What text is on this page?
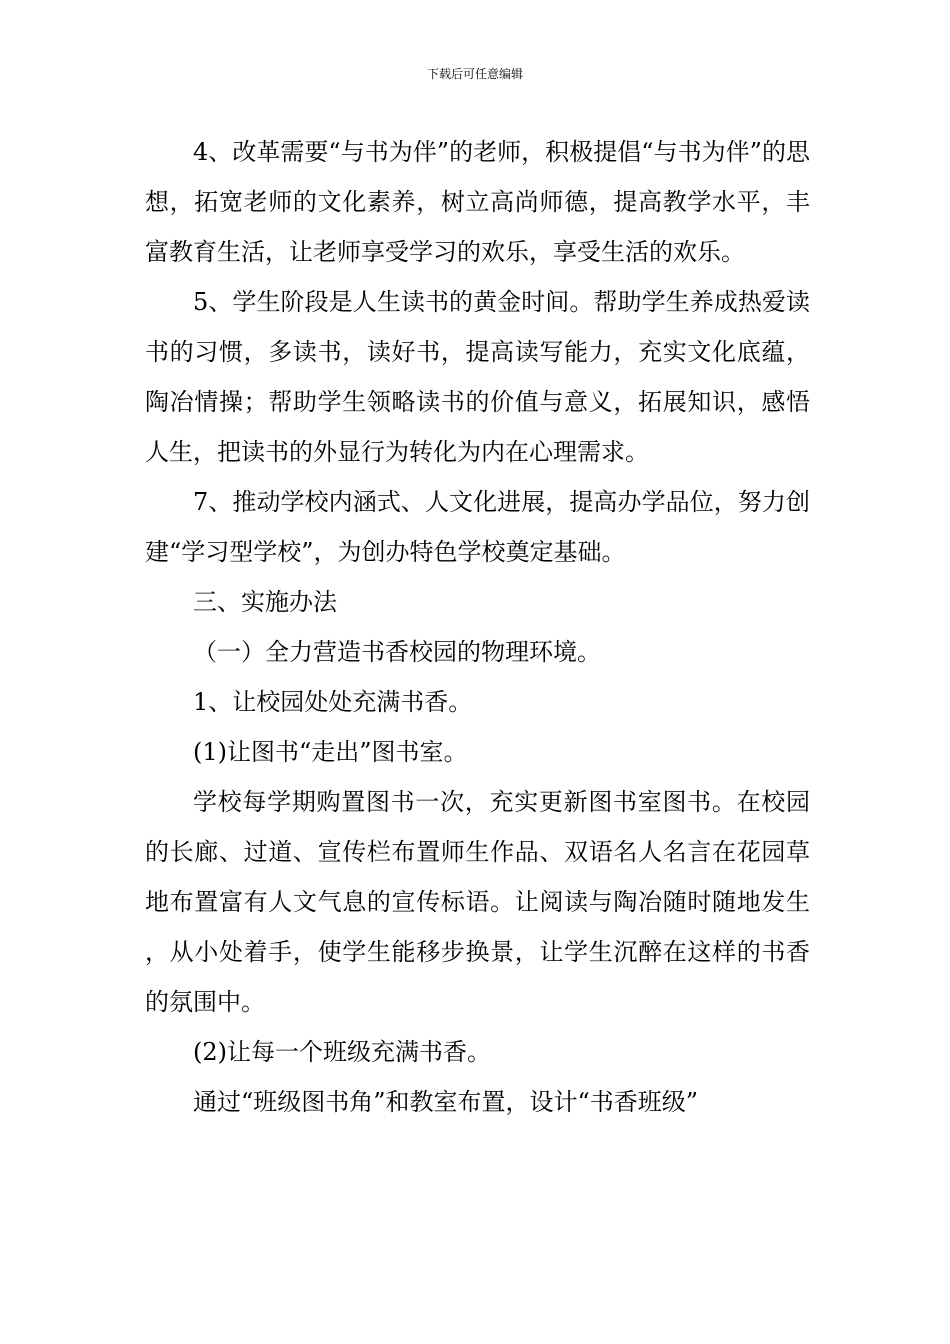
下载后可任意编辑

4、改革需要“与书为伴”的老师，积极提倡“与书为伴”的思想，拓宽老师的文化素养，树立高尚师德，提高教学水平，丰富教育生活，让老师享受学习的欢乐，享受生活的欢乐。

5、学生阶段是人生读书的黄金时间。帮助学生养成热爱读书的习惯，多读书，读好书，提高读写能力，充实文化底蕴，陶冶情操；帮助学生领略读书的价值与意义，拓展知识，感悟人生，把读书的外显行为转化为内在心理需求。

7、推动学校内涵式、人文化进展，提高办学品位，努力创建“学习型学校”，为创办特色学校奠定基础。

三、实施办法

（一）全力营造书香校园的物理环境。

1、让校园处处充满书香。

(1)让图书“走出”图书室。

学校每学期购置图书一次，充实更新图书室图书。在校园的长廊、过道、宣传栏布置师生作品、双语名人名言在花园草地布置富有人文气息的宣传标语。让阅读与陶冶随时随地发生，从小处着手，使学生能移步换景，让学生沉醉在这样的书香的氛围中。

(2)让每一个班级充满书香。

通过“班级图书角”和教室布置，设计“书香班级”
